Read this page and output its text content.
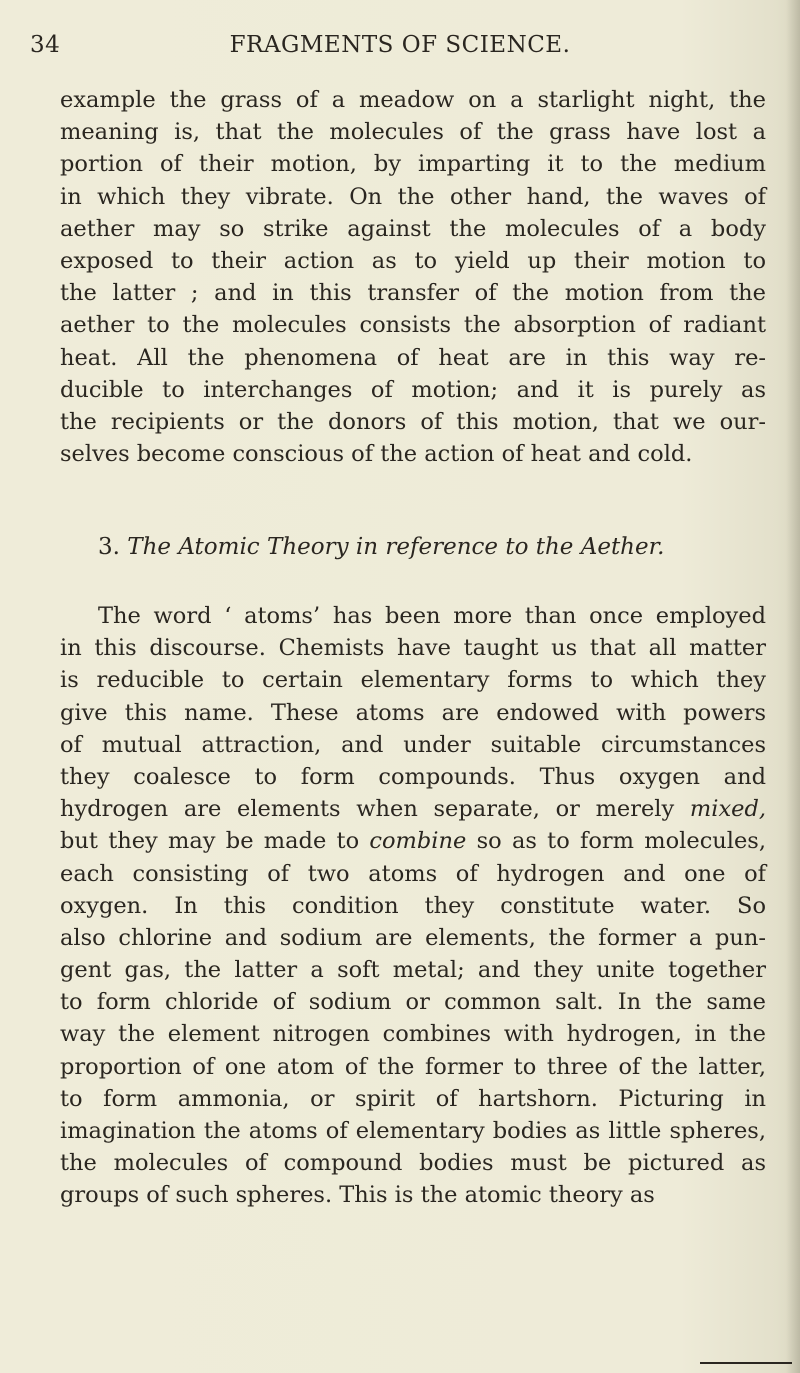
34	FRAGMENTS OF SCIENCE.
example the grass of a meadow on a starlight night, the
meaning is, that the molecules of the grass have lost a
portion of their motion, by imparting it to the medium
in which they vibrate. On the other hand, the waves of
aether may so strike against the molecules of a body
exposed to their action as to yield up their motion to
the latter ; and in this transfer of the motion from the
aether to the molecules consists the absorption of radiant
heat. All the phenomena of heat are in this way re-
ducible to interchanges of motion; and it is purely as
the recipients or the donors of this motion, that we our-
selves become conscious of the action of heat and cold.
3. The Atomic Theory in reference to the Aether.
The word ‘ atoms’ has been more than once employed
in this discourse. Chemists have taught us that all matter
is reducible to certain elementary forms to which they
give this name. These atoms are endowed with powers
of mutual attraction, and under suitable circumstances
they coalesce to form compounds. Thus oxygen and
hydrogen are elements when separate, or merely mixed,
but they may be made to combine so as to form molecules,
each consisting of two atoms of hydrogen and one of
oxygen. In this condition they constitute water. So
also chlorine and sodium are elements, the former a pun-
gent gas, the latter a soft metal; and they unite together
to form chloride of sodium or common salt. In the same
way the element nitrogen combines with hydrogen, in the
proportion of one atom of the former to three of the latter,
to form ammonia, or spirit of hartshorn. Picturing in
imagination the atoms of elementary bodies as little spheres,
the molecules of compound bodies must be pictured as
groups of such spheres. This is the atomic theory as
